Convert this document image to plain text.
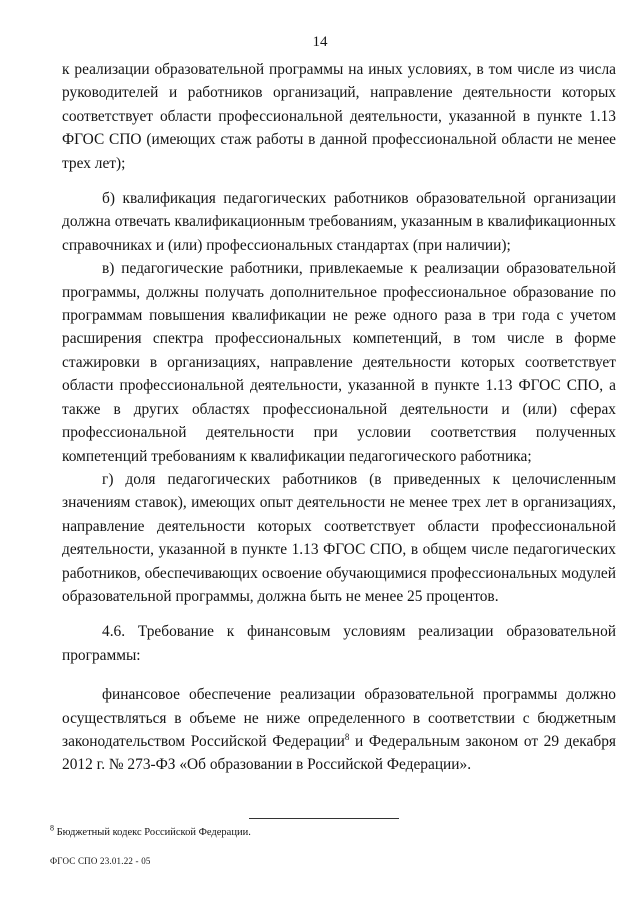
14

к реализации образовательной программы на иных условиях, в том числе из числа руководителей и работников организаций, направление деятельности которых соответствует области профессиональной деятельности, указанной в пункте 1.13 ФГОС СПО (имеющих стаж работы в данной профессиональной области не менее трех лет);

б) квалификация педагогических работников образовательной организации должна отвечать квалификационным требованиям, указанным в квалификационных справочниках и (или) профессиональных стандартах (при наличии);

в) педагогические работники, привлекаемые к реализации образовательной программы, должны получать дополнительное профессиональное образование по программам повышения квалификации не реже одного раза в три года с учетом расширения спектра профессиональных компетенций, в том числе в форме стажировки в организациях, направление деятельности которых соответствует области профессиональной деятельности, указанной в пункте 1.13 ФГОС СПО, а также в других областях профессиональной деятельности и (или) сферах профессиональной деятельности при условии соответствия полученных компетенций требованиям к квалификации педагогического работника;

г) доля педагогических работников (в приведенных к целочисленным значениям ставок), имеющих опыт деятельности не менее трех лет в организациях, направление деятельности которых соответствует области профессиональной деятельности, указанной в пункте 1.13 ФГОС СПО, в общем числе педагогических работников, обеспечивающих освоение обучающимися профессиональных модулей образовательной программы, должна быть не менее 25 процентов.

4.6. Требование к финансовым условиям реализации образовательной программы:

финансовое обеспечение реализации образовательной программы должно осуществляться в объеме не ниже определенного в соответствии с бюджетным законодательством Российской Федерации$^8$ и Федеральным законом от 29 декабря 2012 г. № 273-ФЗ «Об образовании в Российской Федерации».

$^8$ Бюджетный кодекс Российской Федерации.
ФГОС СПО 23.01.22 - 05
